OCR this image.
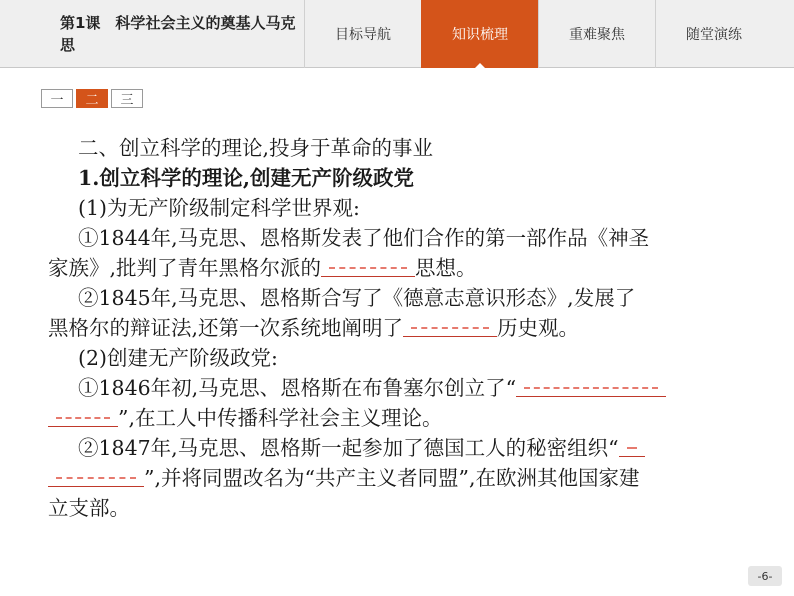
第1课　科学社会主义的奠基人马克思
目标导航	知识梳理	重难聚焦	随堂演练
一	二	三
二、创立科学的理论,投身于革命的事业
1.创立科学的理论,创建无产阶级政党
(1)为无产阶级制定科学世界观:
①1844年,马克思、恩格斯发表了他们合作的第一部作品《神圣
家族》,批判了青年黑格尔派的	思想。
②1845年,马克思、恩格斯合写了《德意志意识形态》,发展了
黑格尔的辩证法,还第一次系统地阐明了	历史观。
(2)创建无产阶级政党:
①1846年初,马克思、恩格斯在布鲁塞尔创立了“
”,在工人中传播科学社会主义理论。
②1847年,马克思、恩格斯一起参加了德国工人的秘密组织“
”,并将同盟改名为“共产主义者同盟”,在欧洲其他国家建
立支部。
-6-
